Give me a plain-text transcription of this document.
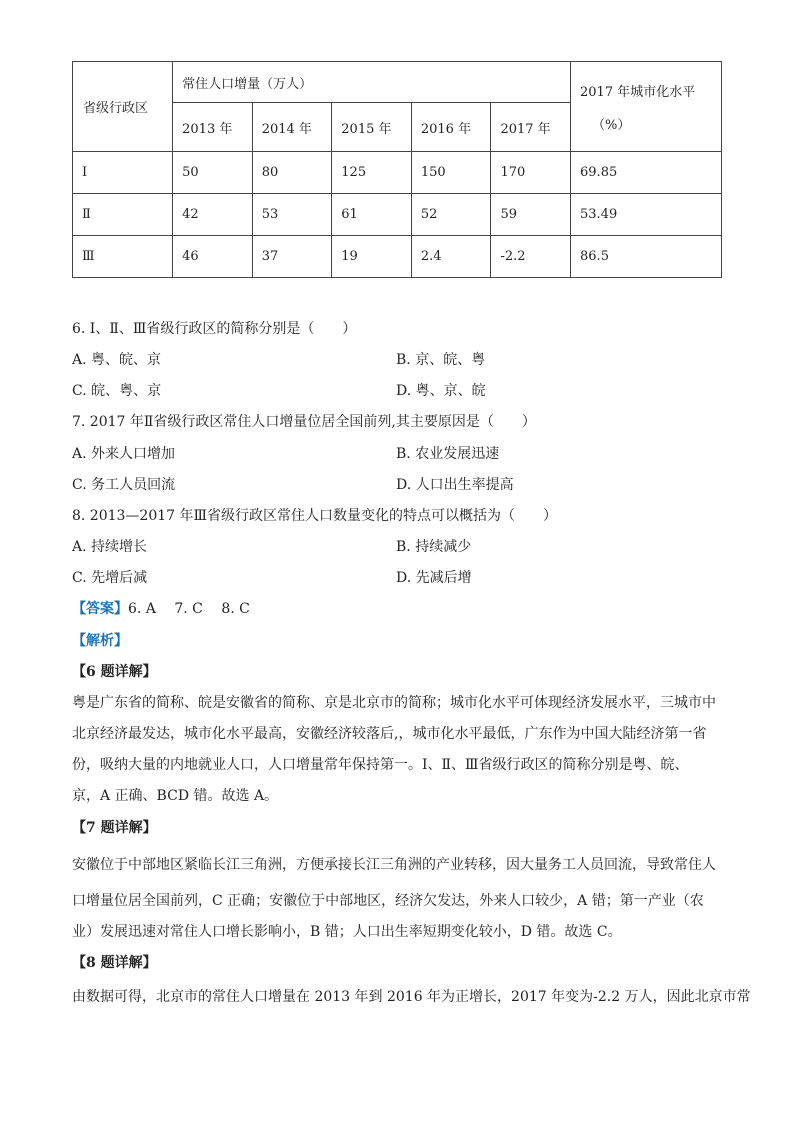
省级行政区	常住人口增量（万人）					2017 年城市化水平
（%）

	2013 年	2014 年	2015 年	2016 年	2017 年	
Ⅰ	50	80	125	150	170	69.85
Ⅱ	42	53	61	52	59	53.49
Ⅲ	46	37	19	2.4	-2.2	86.5
6. Ⅰ、Ⅱ、Ⅲ省级行政区的简称分别是（　　）
A. 粤、皖、京	B. 京、皖、粤
C. 皖、粤、京	D. 粤、京、皖
7. 2017 年Ⅱ省级行政区常住人口增量位居全国前列,其主要原因是（　　）
A. 外来人口增加	B. 农业发展迅速
C. 务工人员回流	D. 人口出生率提高
8. 2013—2017 年Ⅲ省级行政区常住人口数量变化的特点可以概括为（　　）
A. 持续增长	B. 持续减少
C. 先增后减	D. 先减后增
【答案】6. A　 7. C　 8. C
【解析】
【6 题详解】
粤是广东省的简称、皖是安徽省的简称、京是北京市的简称；城市化水平可体现经济发展水平，三城市中
北京经济最发达，城市化水平最高，安徽经济较落后,，城市化水平最低，广东作为中国大陆经济第一省
份，吸纳大量的内地就业人口，人口增量常年保持第一。Ⅰ、Ⅱ、Ⅲ省级行政区的简称分别是粤、皖、
京，A 正确、BCD 错。故选 A。
【7 题详解】
安徽位于中部地区紧临长江三角洲，方便承接长江三角洲的产业转移，因大量务工人员回流，导致常住人
口增量位居全国前列，C 正确；安徽位于中部地区，经济欠发达，外来人口较少，A 错；第一产业（农
业）发展迅速对常住人口增长影响小，B 错；人口出生率短期变化较小，D 错。故选 C。
【8 题详解】
由数据可得，北京市的常住人口增量在 2013 年到 2016 年为正增长，2017 年变为-2.2 万人，因此北京市常
